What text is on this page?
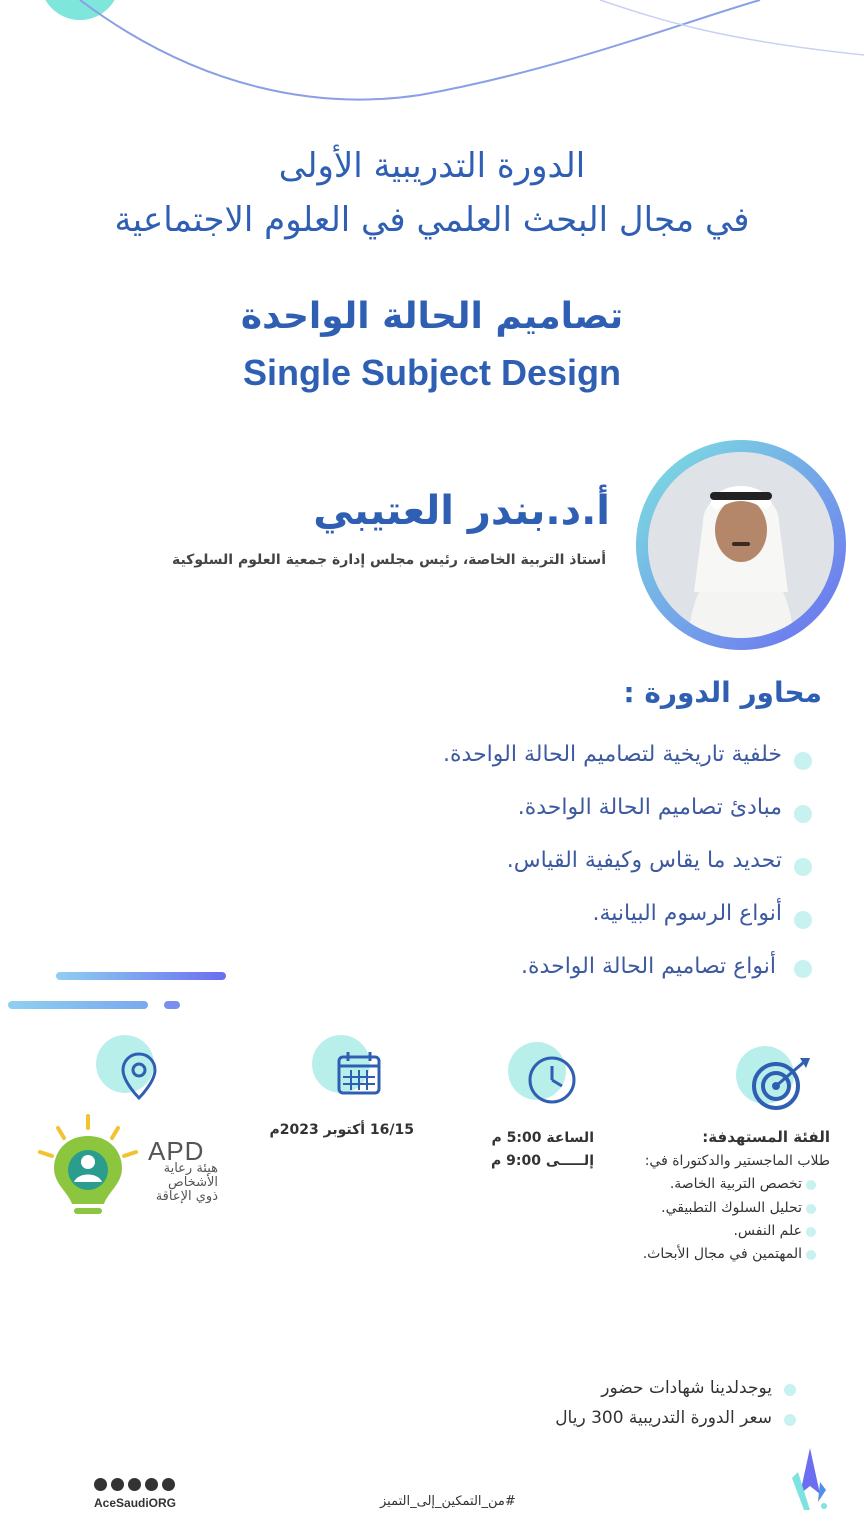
الدورة التدريبية الأولى
في مجال البحث العلمي في العلوم الاجتماعية
تصاميم الحالة الواحدة
Single Subject Design
أ.د.بندر العتيبي
أستاذ التربية الخاصة، رئيس مجلس إدارة جمعية العلوم السلوكية
محاور الدورة :
خلفية تاريخية لتصاميم الحالة الواحدة.
مبادئ تصاميم الحالة الواحدة.
تحديد ما يقاس وكيفية القياس.
أنواع الرسوم البيانية.
أنواع تصاميم الحالة الواحدة.
الفئة المستهدفة:
طلاب الماجستير والدكتوراة في:
تخصص التربية الخاصة.
تحليل السلوك التطبيقي.
علم النفس.
المهتمين في مجال الأبحاث.
الساعة 5:00 م
إلـــــى 9:00 م
16/15 أكتوبر 2023م
APD
هيئة رعاية
الأشخاص
ذوي الإعاقة
يوجدلدينا شهادات حضور
سعر الدورة التدريبية 300 ريال
AceSaudiORG	#من_التمكين_إلى_التميز
